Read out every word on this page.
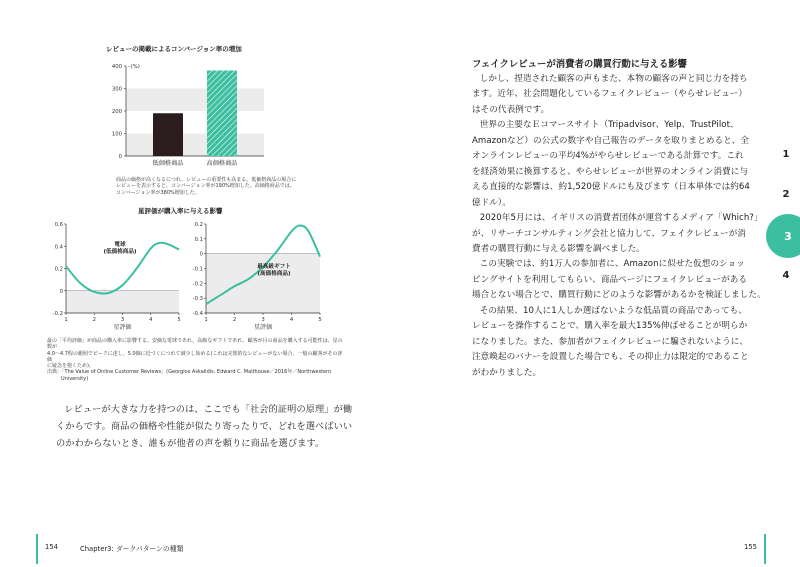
レビューの掲載によるコンバージョン率の増加
0
100
200
300
400 –(%)
低価格商品	高価格商品
商品の価格が高くなるにつれ、レビューの重要性も高まる。低価格商品の場合にレビューを表示すると、コンバージョン率が190%増加した。高価格商品では、コンバージョン率が380%増加した。
星評価が購入率に与える影響
-0.2
0
0.2
0.4
0.6
1	2	3	4	5
星評価
電球
(低価格商品)
-0.4
-0.3
-0.2
-0.1
0
0.1
0.2
1	2	3	4	5
星評価
最高級ギフト
(高価格商品)
最の「平均評価」が商品の購入率に影響する。安価な電球であれ、高級なギフトであれ、顧客が目の商品を購入する可能性は、星の数が
4.0〜4.7程の範囲でピークに達し、5.0個に近づくにつれて減少し始める(これは完璧的なレビューがない場合、一般の顧客がその評価
に疑念を抱くため)。
出典：「The Value of Online Customer Reviews」(Georgios Askalidis, Edward C. Malthouse／2016年／Northwestern
University)
レビューが大きな力を持つのは、ここでも「社会的証明の原理」が働
くからです。商品の価格や性能が似たり寄ったりで、どれを選べばいい
のかわからないとき、誰もが他者の声を頼りに商品を選びます。
154	Chapter3: ダークパターンの種類
フェイクレビューが消費者の購買行動に与える影響

しかし、捏造された顧客の声もまた、本物の顧客の声と同じ力を持ち
ます。近年、社会問題化しているフェイクレビュー（やらせレビュー）
はその代表例です。

世界の主要なＥコマースサイト（Tripadvisor、Yelp、TrustPilot、
Amazonなど）の公式の数字や自己報告のデータを取りまとめると、全
オンラインレビューの平均4%がやらせレビューである計算です。これ
を経済効果に換算すると、やらせレビューが世界のオンライン消費に与
える直接的な影響は、約1,520億ドルにも及びます（日本単体では約64
億ドル）。

2020年5月には、イギリスの消費者団体が運営するメディア「Which?」
が、リサーチコンサルティング会社と協力して、フェイクレビューが消
費者の購買行動に与える影響を調べました。

この実験では、約1万人の参加者に、Amazonに似せた仮想のショッ
ピングサイトを利用してもらい、商品ページにフェイクレビューがある
場合とない場合とで、購買行動にどのような影響があるかを検証しました。

その結果、10人に1人しか選ばないような低品質の商品であっても、
レビューを操作することで、購入率を最大135%伸ばせることが明らか
になりました。また、参加者がフェイクレビューに騙されないように、
注意喚起のバナーを設置した場合でも、その抑止力は限定的であること
がわかりました。

1
2
3
4
155
